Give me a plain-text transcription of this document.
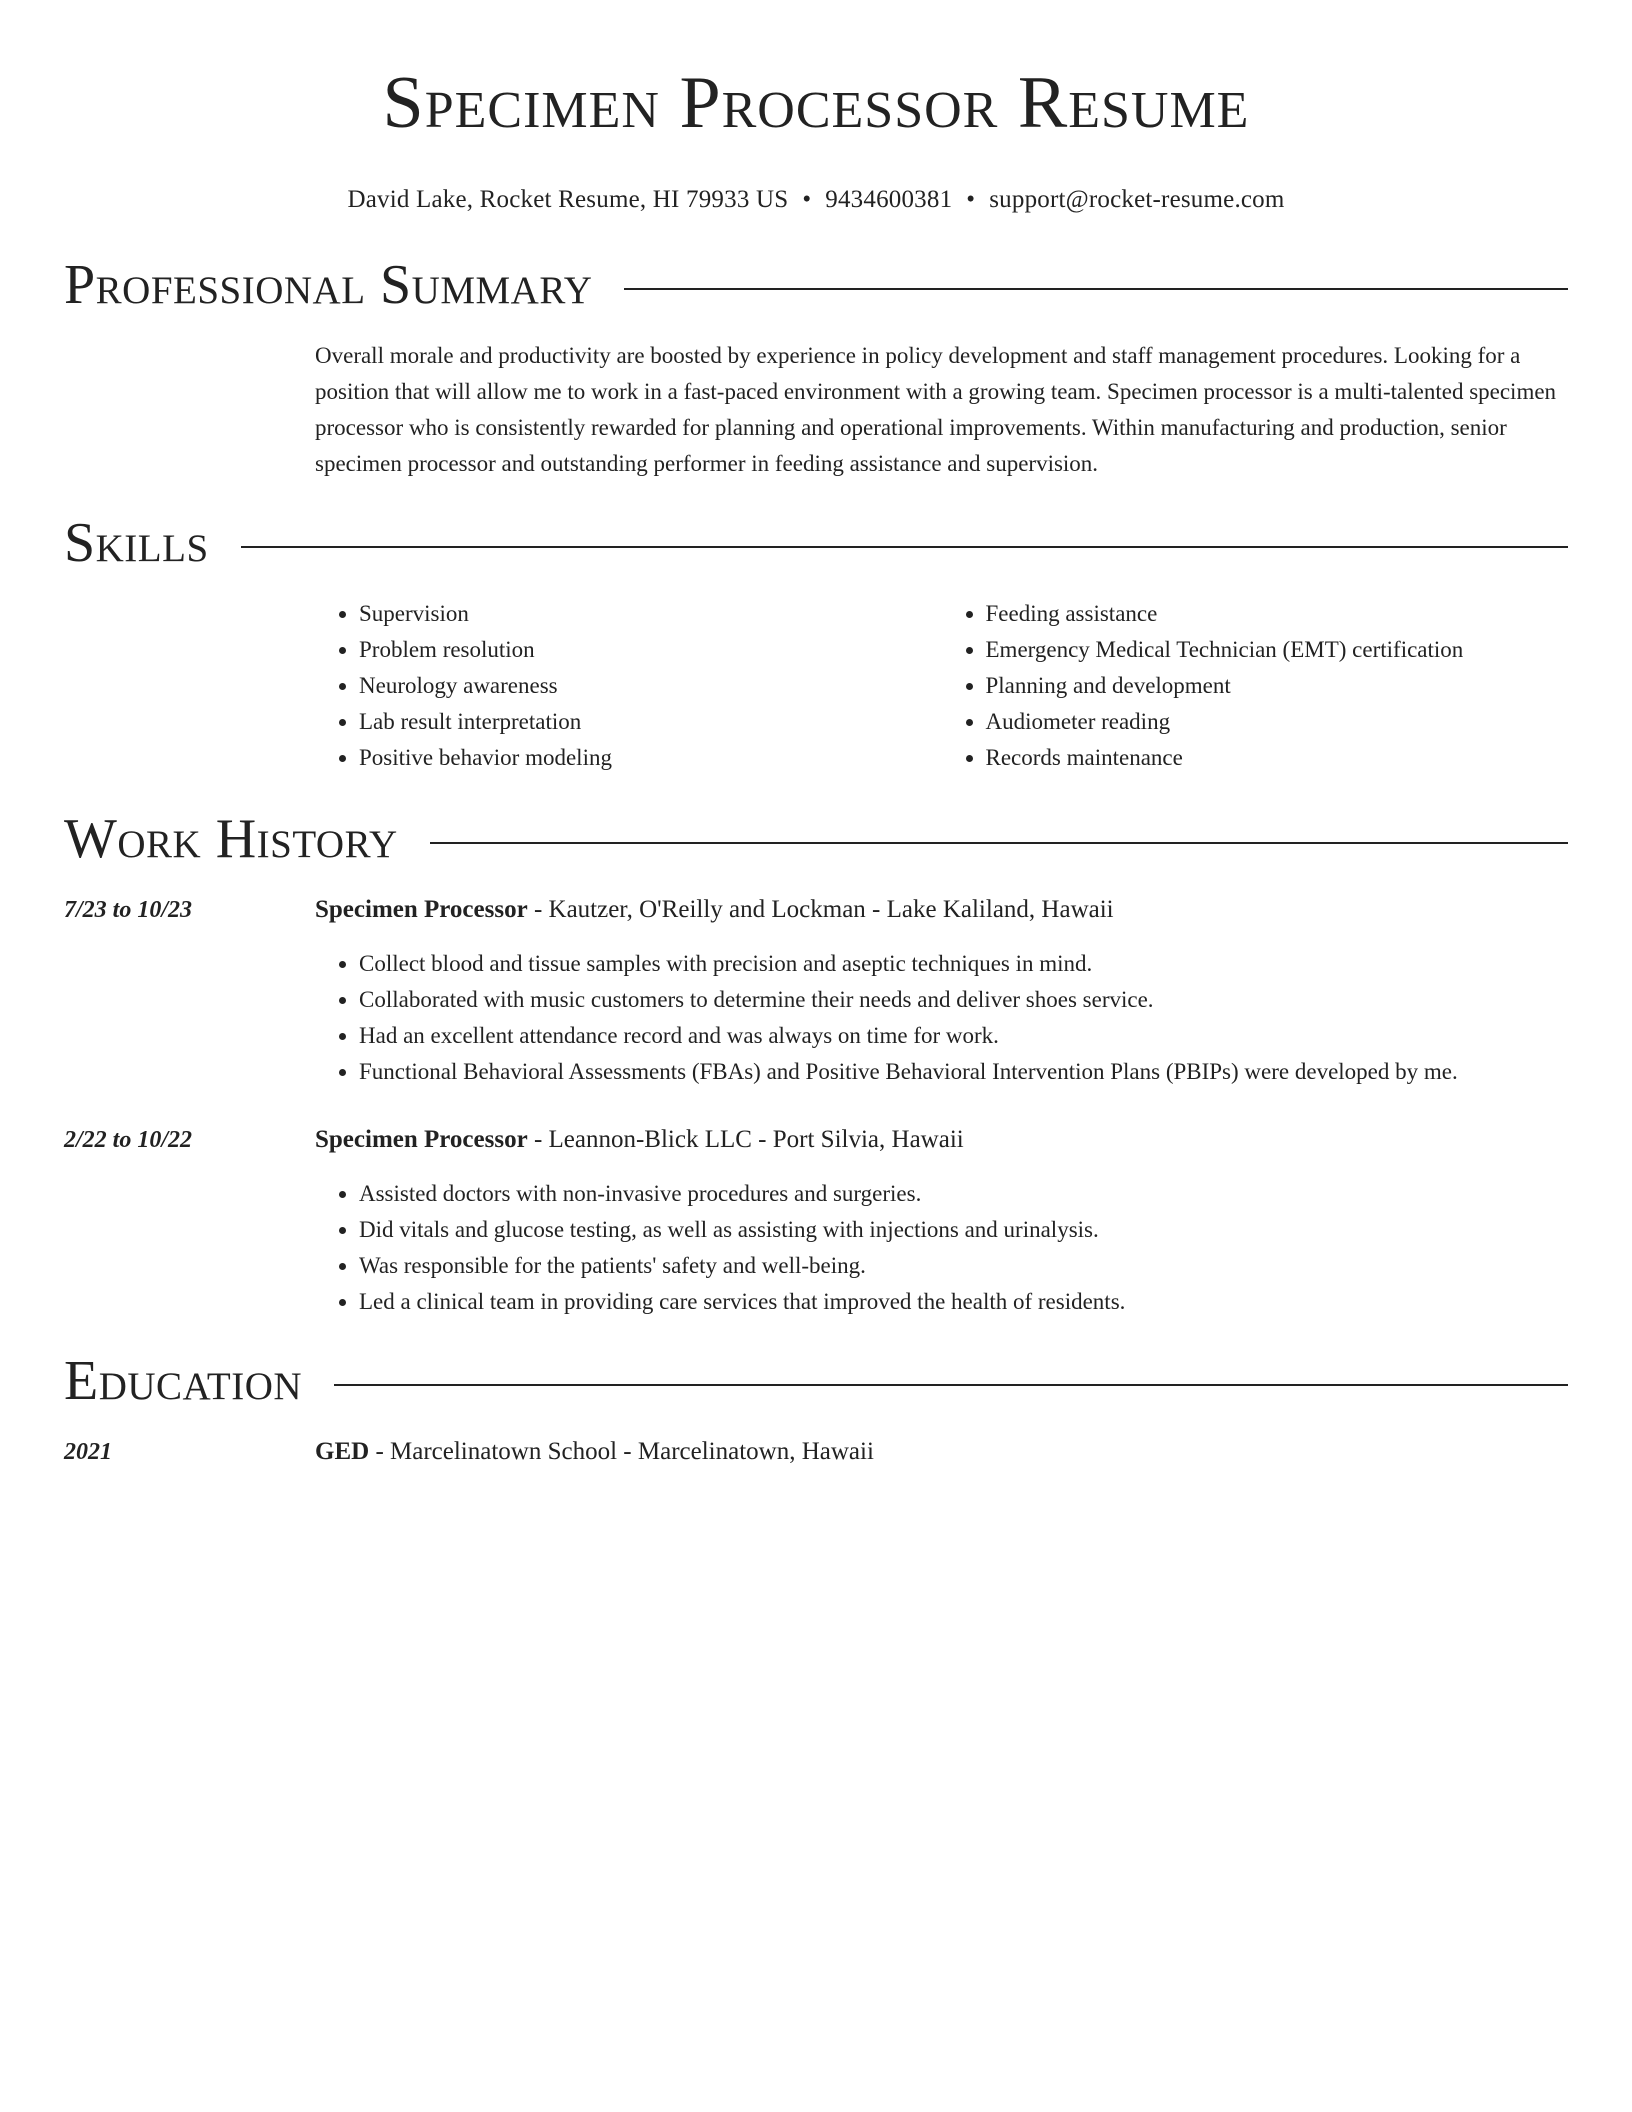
Specimen Processor Resume
David Lake, Rocket Resume, HI 79933 US • 9434600381 • support@rocket-resume.com
Professional Summary
Overall morale and productivity are boosted by experience in policy development and staff management procedures. Looking for a position that will allow me to work in a fast-paced environment with a growing team. Specimen processor is a multi-talented specimen processor who is consistently rewarded for planning and operational improvements. Within manufacturing and production, senior specimen processor and outstanding performer in feeding assistance and supervision.
Skills
• Supervision
• Problem resolution
• Neurology awareness
• Lab result interpretation
• Positive behavior modeling
• Feeding assistance
• Emergency Medical Technician (EMT) certification
• Planning and development
• Audiometer reading
• Records maintenance
Work History
7/23 to 10/23	Specimen Processor - Kautzer, O'Reilly and Lockman - Lake Kaliland, Hawaii
• Collect blood and tissue samples with precision and aseptic techniques in mind.
• Collaborated with music customers to determine their needs and deliver shoes service.
• Had an excellent attendance record and was always on time for work.
• Functional Behavioral Assessments (FBAs) and Positive Behavioral Intervention Plans (PBIPs) were developed by me.
2/22 to 10/22	Specimen Processor - Leannon-Blick LLC - Port Silvia, Hawaii
• Assisted doctors with non-invasive procedures and surgeries.
• Did vitals and glucose testing, as well as assisting with injections and urinalysis.
• Was responsible for the patients' safety and well-being.
• Led a clinical team in providing care services that improved the health of residents.
Education
2021	GED - Marcelinatown School - Marcelinatown, Hawaii
